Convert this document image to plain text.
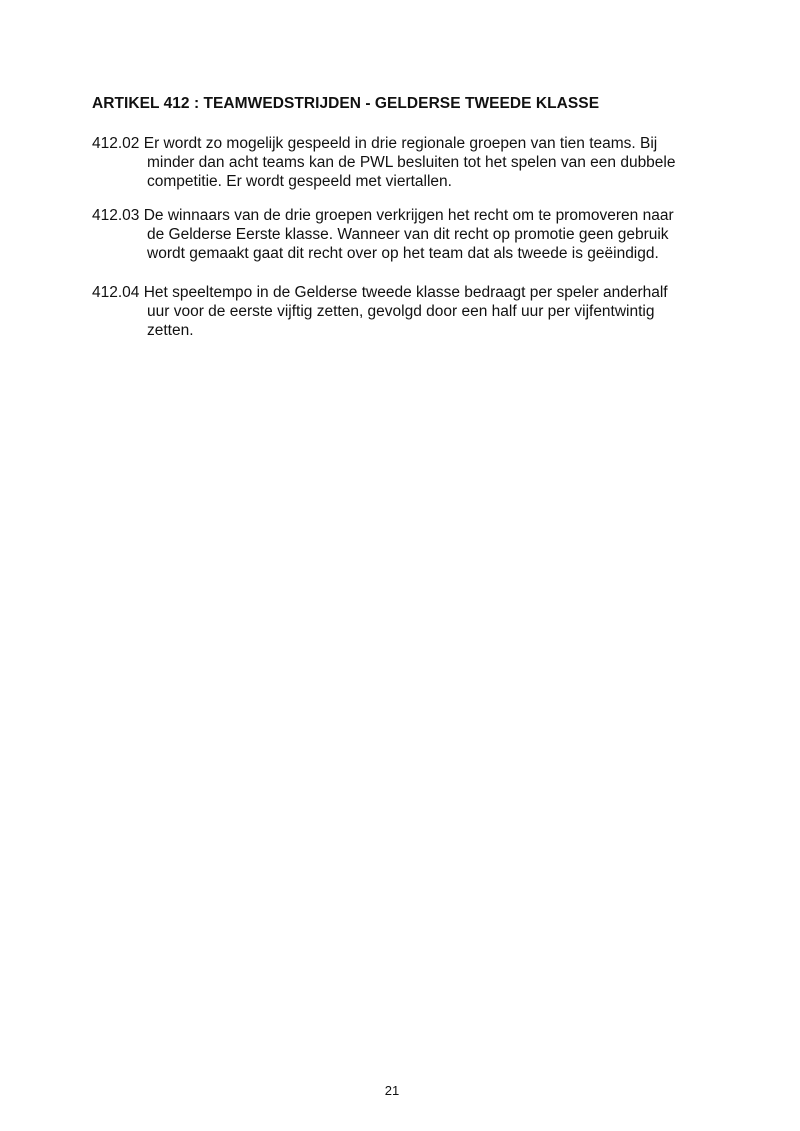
ARTIKEL 412 : TEAMWEDSTRIJDEN - GELDERSE TWEEDE KLASSE
412.02 Er wordt zo mogelijk gespeeld in drie regionale groepen van tien teams. Bij
minder dan acht teams kan de PWL besluiten tot het spelen van een dubbele
competitie. Er wordt gespeeld met viertallen.
412.03 De winnaars van de drie groepen verkrijgen het recht om te promoveren naar
de Gelderse Eerste klasse. Wanneer van dit recht op promotie geen gebruik
wordt gemaakt gaat dit recht over op het team dat als tweede is geëindigd.
412.04 Het speeltempo in de Gelderse tweede klasse bedraagt per speler anderhalf
uur voor de eerste vijftig zetten, gevolgd door een half uur per vijfentwintig
zetten.
21
